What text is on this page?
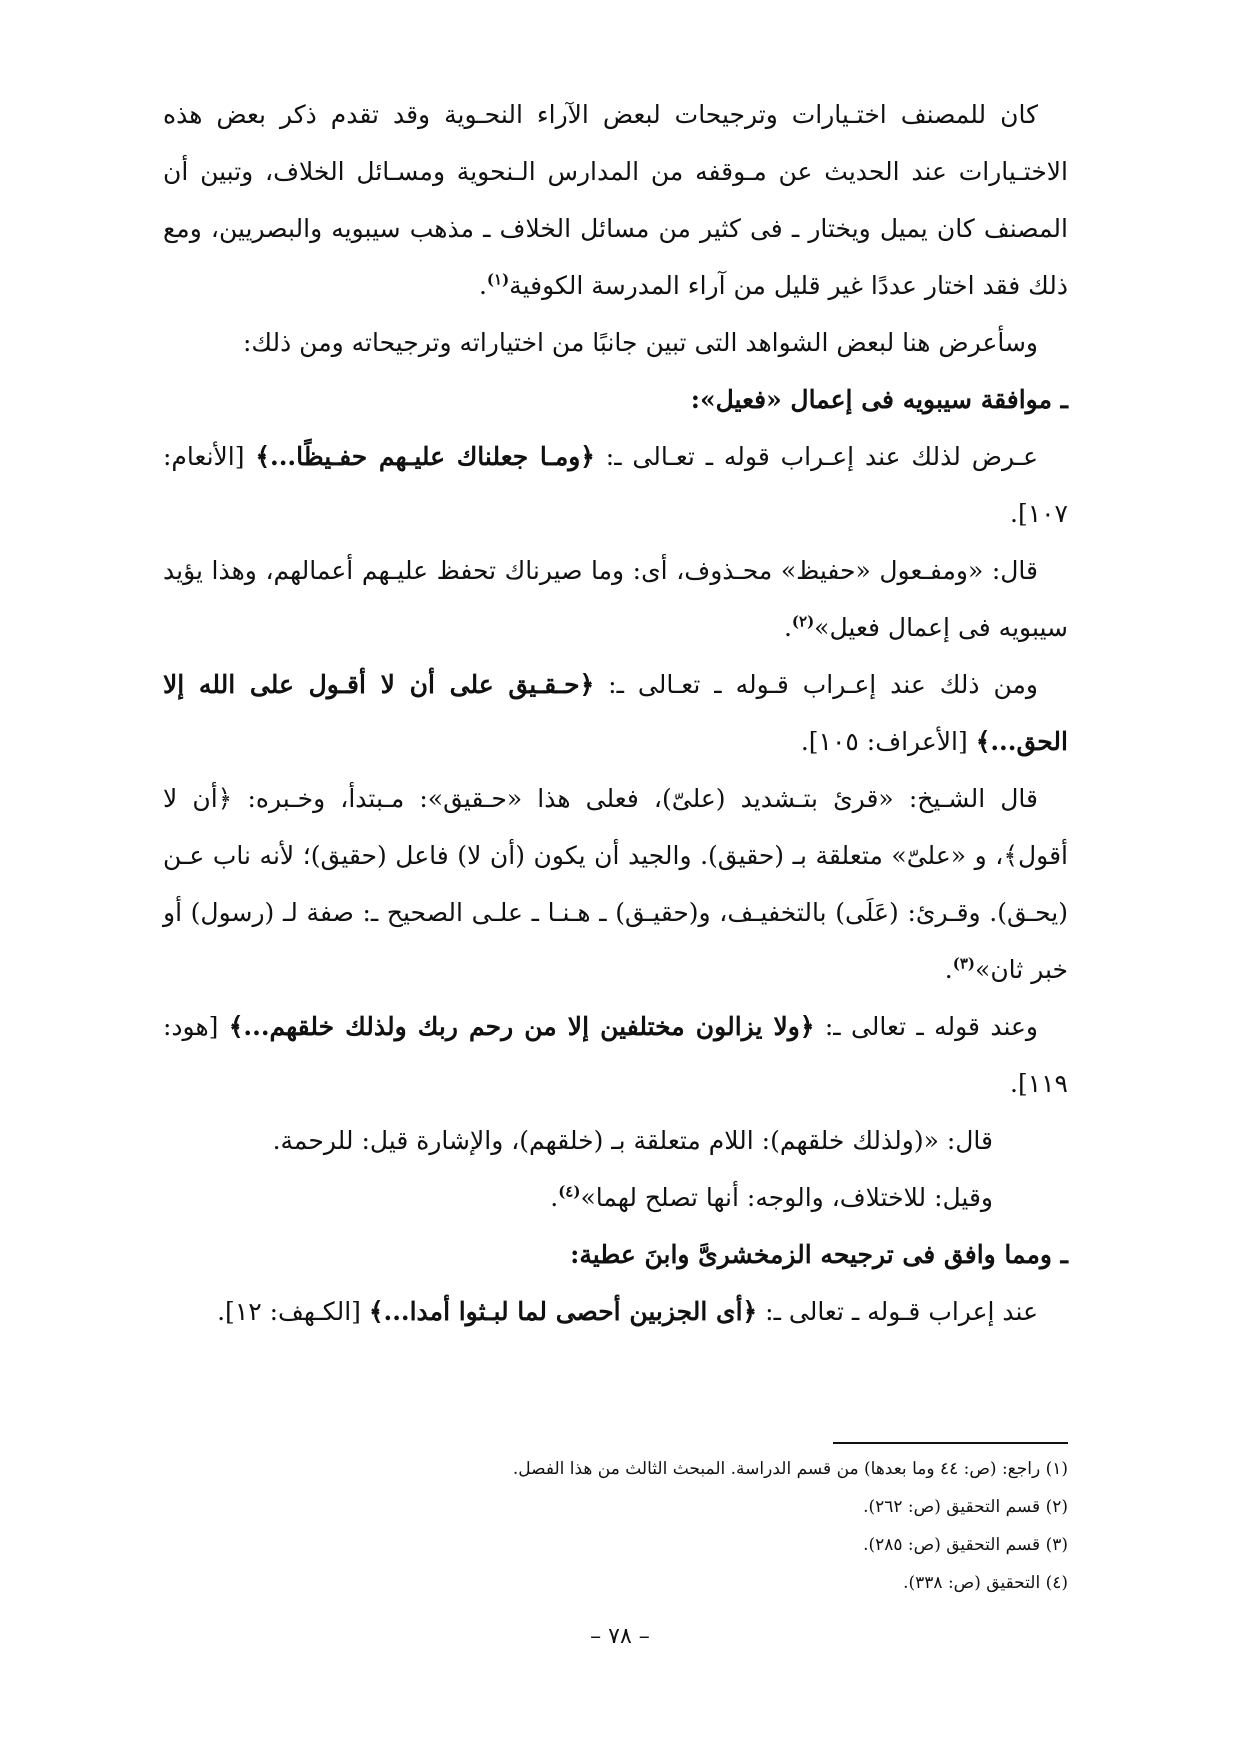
كان للمصنف اختـيارات وترجيحات لبعض الآراء النحـوية وقد تقدم ذكر بعض هذه الاختـيارات عند الحديث عن مـوقفه من المدارس الـنحوية ومسـائل الخلاف، وتبين أن المصنف كان يميل ويختار ـ فى كثير من مسائل الخلاف ـ مذهب سيبويه والبصريين، ومع ذلك فقد اختار عددًا غير قليل من آراء المدرسة الكوفية$^{(١)}$.

وسأعرض هنا لبعض الشواهد التى تبين جانبًا من اختياراته وترجيحاته ومن ذلك:

ـ موافقة سيبويه فى إعمال «فعيل»:

عـرض لذلك عند إعـراب قوله ـ تعـالى ـ: ﴿ومـا جعلناك عليـهم حفـيظًا...﴾ [الأنعام: ١٠٧].

قال: «ومفـعول «حفيظ» محـذوف، أى: وما صيرناك تحفظ عليـهم أعمالهم، وهذا يؤيد سيبويه فى إعمال فعيل»$^{(٢)}$.

ومن ذلك عند إعـراب قـوله ـ تعـالى ـ: ﴿حـقـيق على أن لا أقـول على الله إلا الحق...﴾ [الأعراف: ١٠٥].

قال الشـيخ: «قرئ بتـشديد (علىّ)، فعلى هذا «حـقيق»: مـبتدأ، وخـبره: ﴿أن لا أقول﴾، و «علىّ» متعلقة بـ (حقيق). والجيد أن يكون (أن لا) فاعل (حقيق)؛ لأنه ناب عـن (يحـق). وقـرئ: (عَلَى) بالتخفيـف، و(حقيـق) ـ هـنـا ـ علـى الصحيح ـ: صفة لـ (رسول) أو خبر ثان»$^{(٣)}$.

وعند قوله ـ تعالى ـ: ﴿ولا يزالون مختلفين إلا من رحم ربك ولذلك خلقهم...﴾ [هود: ١١٩].

قال: «(ولذلك خلقهم): اللام متعلقة بـ (خلقهم)، والإشارة قيل: للرحمة.

وقيل: للاختلاف، والوجه: أنها تصلح لهما»$^{(٤)}$.

ـ ومما وافق فى ترجيحه الزمخشرىَّ وابنَ عطية:

عند إعراب قـوله ـ تعالى ـ: ﴿أى الجزبين أحصى لما لبـثوا أمدا...﴾ [الكـهف: ١٢].

(١) راجع: (ص: ٤٤ وما بعدها) من قسم الدراسة. المبحث الثالث من هذا الفصل.

(٢) قسم التحقيق (ص: ٢٦٢).

(٣) قسم التحقيق (ص: ٢٨٥).

(٤) التحقيق (ص: ٣٣٨).

– ٧٨ –
